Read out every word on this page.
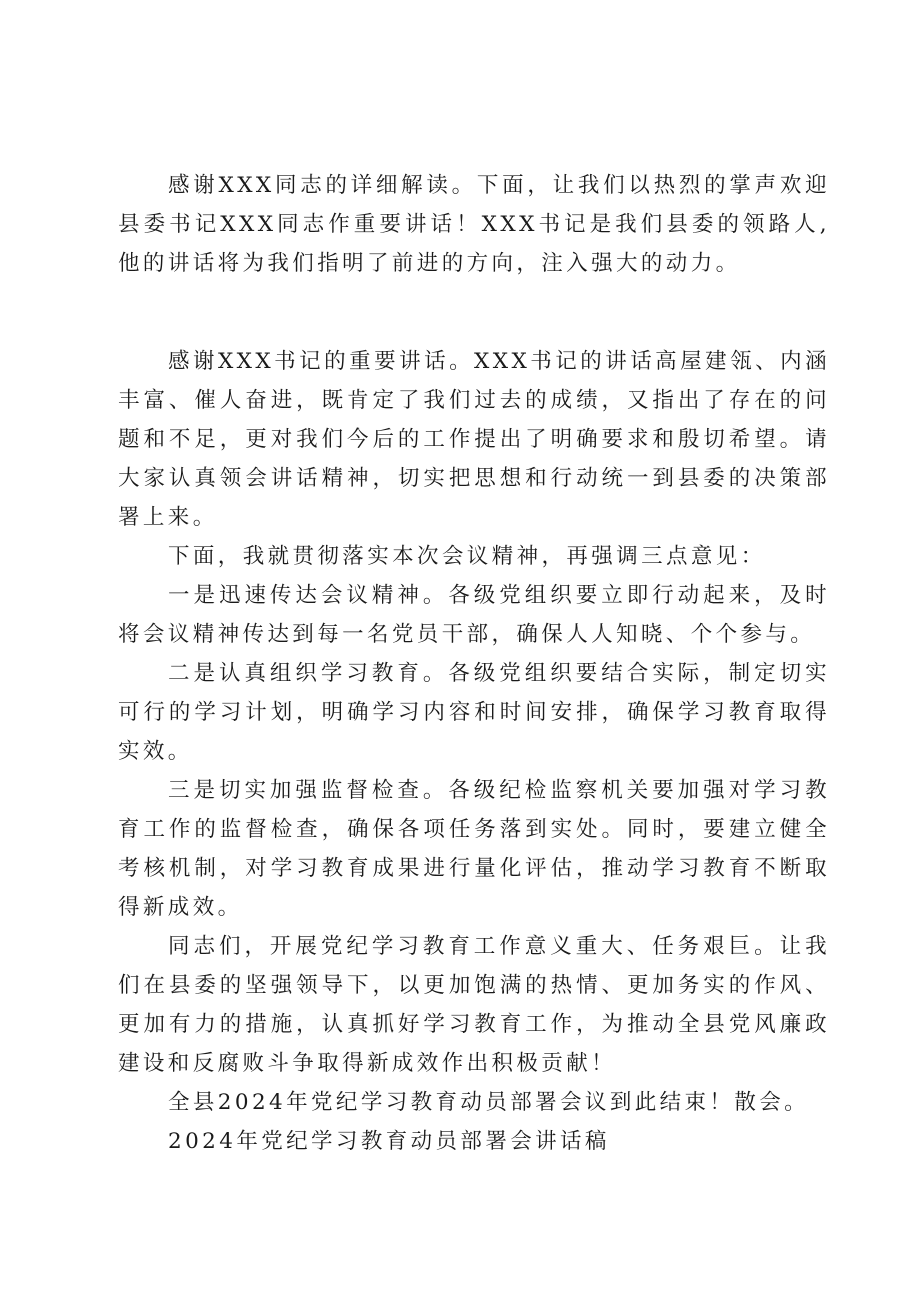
感谢XXX同志的详细解读。下面，让我们以热烈的掌声欢迎县委书记XXX同志作重要讲话！XXX书记是我们县委的领路人,他的讲话将为我们指明了前进的方向，注入强大的动力。

感谢XXX书记的重要讲话。XXX书记的讲话高屋建瓴、内涵丰富、催人奋进，既肯定了我们过去的成绩，又指出了存在的问题和不足，更对我们今后的工作提出了明确要求和殷切希望。请大家认真领会讲话精神，切实把思想和行动统一到县委的决策部署上来。

下面，我就贯彻落实本次会议精神，再强调三点意见：

一是迅速传达会议精神。各级党组织要立即行动起来，及时将会议精神传达到每一名党员干部，确保人人知晓、个个参与。

二是认真组织学习教育。各级党组织要结合实际，制定切实可行的学习计划，明确学习内容和时间安排，确保学习教育取得实效。

三是切实加强监督检查。各级纪检监察机关要加强对学习教育工作的监督检查，确保各项任务落到实处。同时，要建立健全考核机制，对学习教育成果进行量化评估，推动学习教育不断取得新成效。

同志们，开展党纪学习教育工作意义重大、任务艰巨。让我们在县委的坚强领导下，以更加饱满的热情、更加务实的作风、更加有力的措施，认真抓好学习教育工作，为推动全县党风廉政建设和反腐败斗争取得新成效作出积极贡献！

全县2024年党纪学习教育动员部署会议到此结束！散会。

2024年党纪学习教育动员部署会讲话稿
